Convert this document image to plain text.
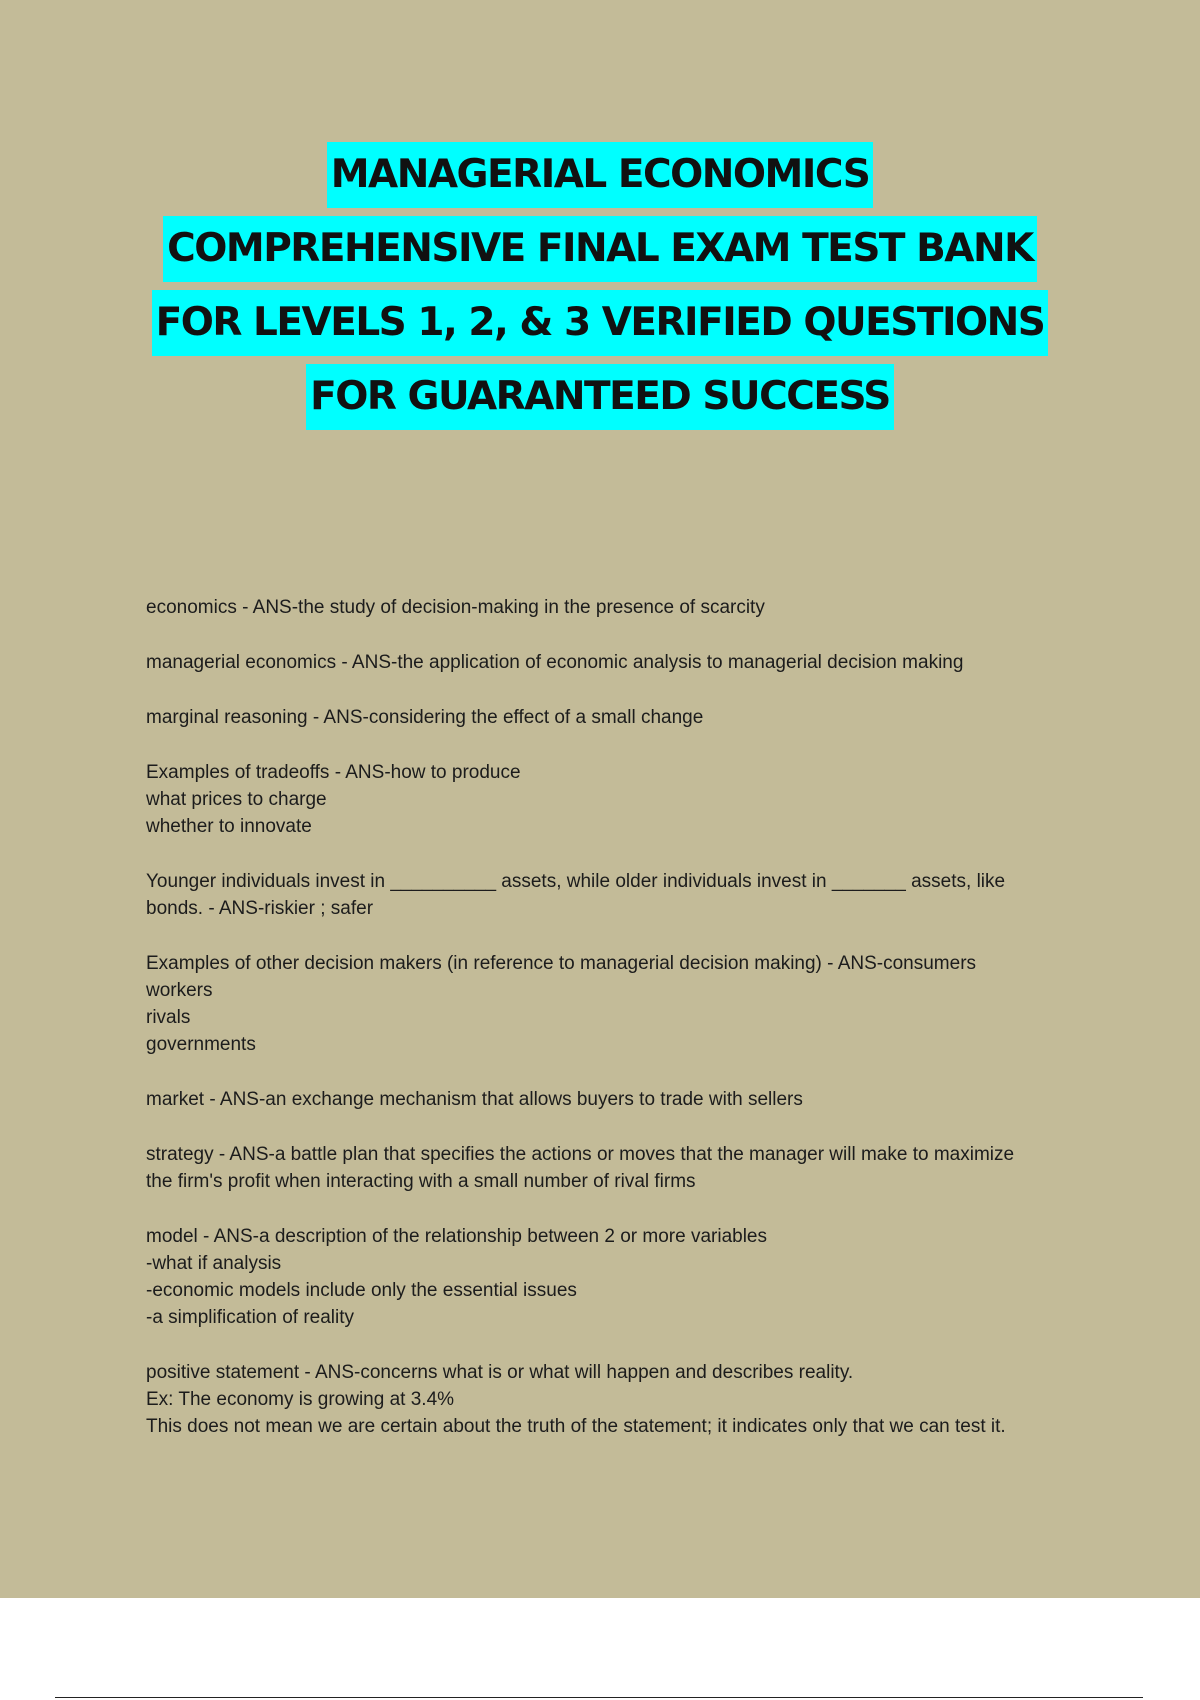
MANAGERIAL ECONOMICS
COMPREHENSIVE FINAL EXAM TEST BANK
FOR LEVELS 1, 2, & 3 VERIFIED QUESTIONS
FOR GUARANTEED SUCCESS
economics - ANS-the study of decision-making in the presence of scarcity
managerial economics - ANS-the application of economic analysis to managerial decision making
marginal reasoning - ANS-considering the effect of a small change
Examples of tradeoffs - ANS-how to produce
what prices to charge
whether to innovate
Younger individuals invest in __________ assets, while older individuals invest in _______ assets, like
bonds. - ANS-riskier ; safer
Examples of other decision makers (in reference to managerial decision making) - ANS-consumers
workers
rivals
governments
market - ANS-an exchange mechanism that allows buyers to trade with sellers
strategy - ANS-a battle plan that specifies the actions or moves that the manager will make to maximize
the firm's profit when interacting with a small number of rival firms
model - ANS-a description of the relationship between 2 or more variables
-what if analysis
-economic models include only the essential issues
-a simplification of reality
positive statement - ANS-concerns what is or what will happen and describes reality.
Ex: The economy is growing at 3.4%
This does not mean we are certain about the truth of the statement; it indicates only that we can test it.
